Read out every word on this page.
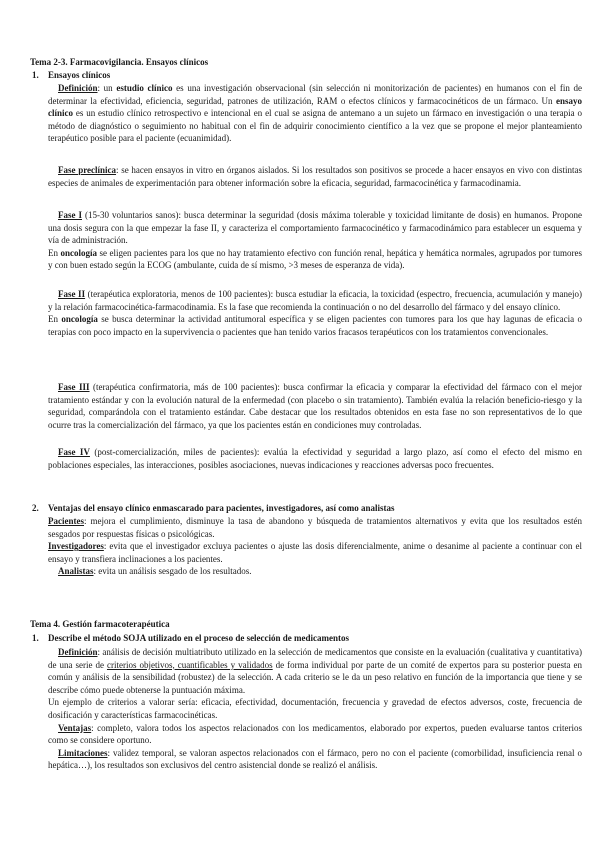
Tema 2-3. Farmacovigilancia. Ensayos clínicos
1. Ensayos clínicos

Definición: un estudio clínico es una investigación observacional (sin selección ni monitorización de pacientes) en humanos con el fin de determinar la efectividad, eficiencia, seguridad, patrones de utilización, RAM o efectos clínicos y farmacocinéticos de un fármaco. Un ensayo clínico es un estudio clínico retrospectivo e intencional en el cual se asigna de antemano a un sujeto un fármaco en investigación o una terapia o método de diagnóstico o seguimiento no habitual con el fin de adquirir conocimiento científico a la vez que se propone el mejor planteamiento terapéutico posible para el paciente (ecuanimidad).

Fase preclínica: se hacen ensayos in vitro en órganos aislados. Si los resultados son positivos se procede a hacer ensayos en vivo con distintas especies de animales de experimentación para obtener información sobre la eficacia, seguridad, farmacocinética y farmacodinamia.

Fase I (15-30 voluntarios sanos): busca determinar la seguridad (dosis máxima tolerable y toxicidad limitante de dosis) en humanos. Propone una dosis segura con la que empezar la fase II, y caracteriza el comportamiento farmacocinético y farmacodinámico para establecer un esquema y vía de administración.

En oncología se eligen pacientes para los que no hay tratamiento efectivo con función renal, hepática y hemática normales, agrupados por tumores y con buen estado según la ECOG (ambulante, cuida de sí mismo, >3 meses de esperanza de vida).

Fase II (terapéutica exploratoria, menos de 100 pacientes): busca estudiar la eficacia, la toxicidad (espectro, frecuencia, acumulación y manejo) y la relación farmacocinética-farmacodinamia. Es la fase que recomienda la continuación o no del desarrollo del fármaco y del ensayo clínico.

En oncología se busca determinar la actividad antitumoral específica y se eligen pacientes con tumores para los que hay lagunas de eficacia o terapias con poco impacto en la supervivencia o pacientes que han tenido varios fracasos terapéuticos con los tratamientos convencionales.

Fase III (terapéutica confirmatoria, más de 100 pacientes): busca confirmar la eficacia y comparar la efectividad del fármaco con el mejor tratamiento estándar y con la evolución natural de la enfermedad (con placebo o sin tratamiento). También evalúa la relación beneficio-riesgo y la seguridad, comparándola con el tratamiento estándar. Cabe destacar que los resultados obtenidos en esta fase no son representativos de lo que ocurre tras la comercialización del fármaco, ya que los pacientes están en condiciones muy controladas.

Fase IV (post-comercialización, miles de pacientes): evalúa la efectividad y seguridad a largo plazo, así como el efecto del mismo en poblaciones especiales, las interacciones, posibles asociaciones, nuevas indicaciones y reacciones adversas poco frecuentes.

2. Ventajas del ensayo clínico enmascarado para pacientes, investigadores, así como analistas

Pacientes: mejora el cumplimiento, disminuye la tasa de abandono y búsqueda de tratamientos alternativos y evita que los resultados estén sesgados por respuestas físicas o psicológicas.

Investigadores: evita que el investigador excluya pacientes o ajuste las dosis diferencialmente, anime o desanime al paciente a continuar con el ensayo y transfiera inclinaciones a los pacientes.

Analistas: evita un análisis sesgado de los resultados.

Tema 4. Gestión farmacoterapéutica
1. Describe el método SOJA utilizado en el proceso de selección de medicamentos

Definición: análisis de decisión multiatributo utilizado en la selección de medicamentos que consiste en la evaluación (cualitativa y cuantitativa) de una serie de criterios objetivos, cuantificables y validados de forma individual por parte de un comité de expertos para su posterior puesta en común y análisis de la sensibilidad (robustez) de la selección. A cada criterio se le da un peso relativo en función de la importancia que tiene y se describe cómo puede obtenerse la puntuación máxima.

Un ejemplo de criterios a valorar sería: eficacia, efectividad, documentación, frecuencia y gravedad de efectos adversos, coste, frecuencia de dosificación y características farmacocinéticas.

Ventajas: completo, valora todos los aspectos relacionados con los medicamentos, elaborado por expertos, pueden evaluarse tantos criterios como se considere oportuno.

Limitaciones: validez temporal, se valoran aspectos relacionados con el fármaco, pero no con el paciente (comorbilidad, insuficiencia renal o hepática…), los resultados son exclusivos del centro asistencial donde se realizó el análisis.
